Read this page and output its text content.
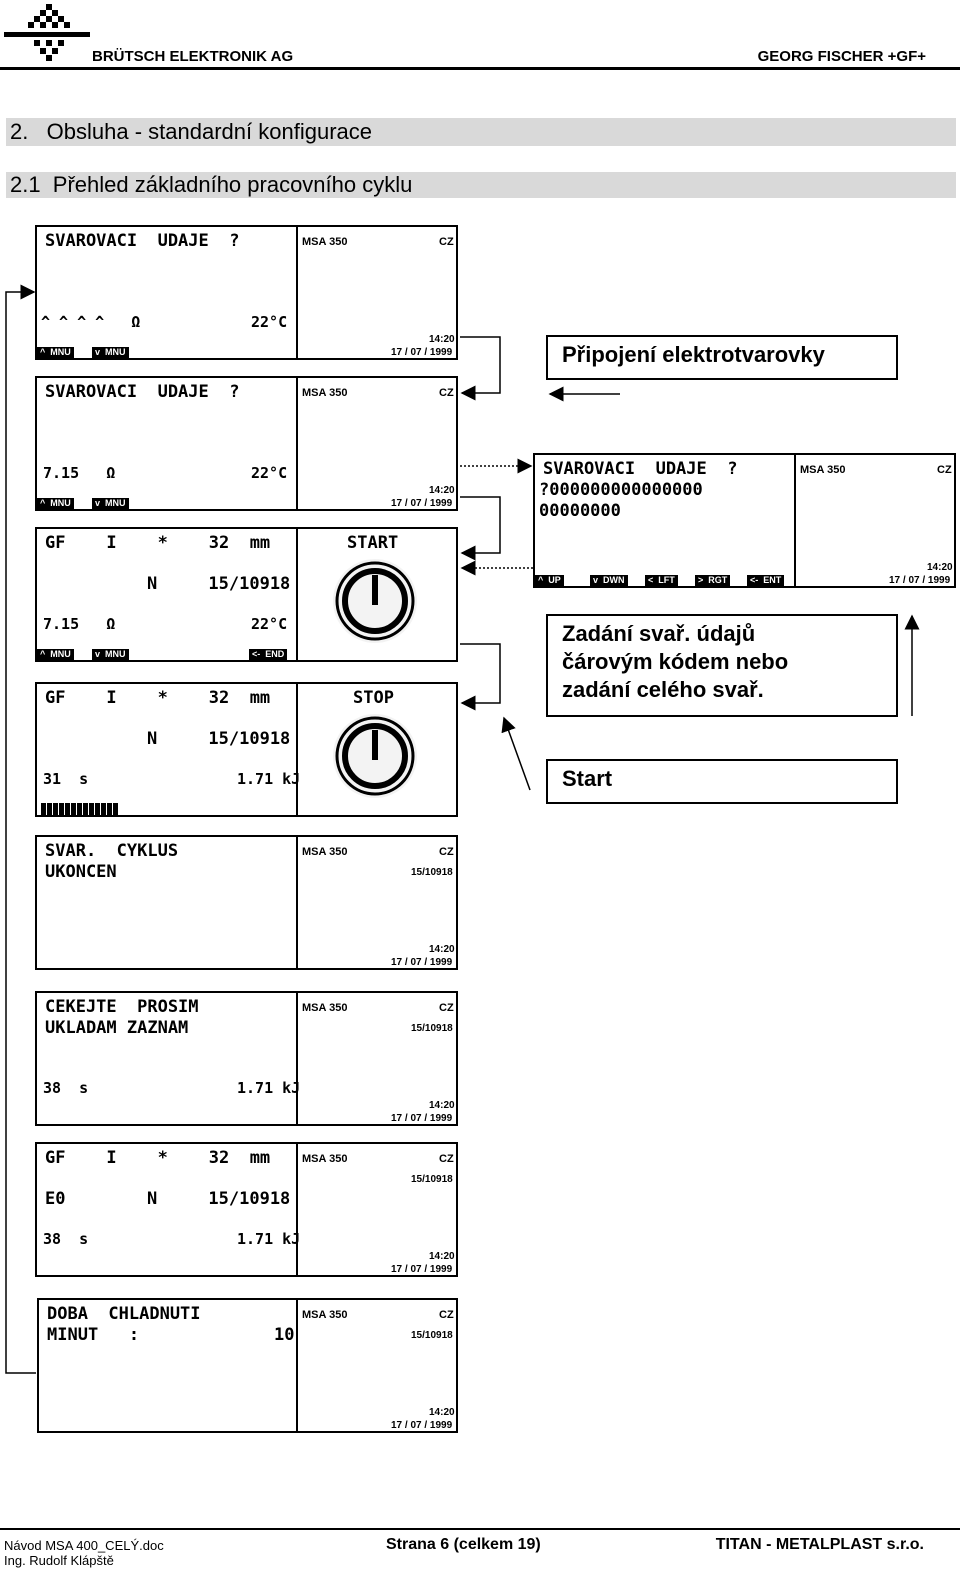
BRÜTSCH ELEKTRONIK AG	GEORG FISCHER +GF+
2.   Obsluha - standardní konfigurace
2.1  Přehled základního pracovního cyklu
SVAROVACI  UDAJE  ?
^ ^ ^ ^   Ω	22°C
^  MNU	v  MNU
MSA 350	CZ
14:20
17 / 07 / 1999
SVAROVACI  UDAJE  ?
7.15   Ω	22°C
^  MNU	v  MNU
MSA 350	CZ
14:20
17 / 07 / 1999
GF    I    *    32  mm
N     15/10918
7.15   Ω	22°C
^  MNU	v  MNU	<-  END
START
GF    I    *    32  mm
N     15/10918
31  s	1.71 kJ
STOP
SVAR.  CYKLUS
UKONCEN
MSA 350	CZ
15/10918
14:20
17 / 07 / 1999
CEKEJTE  PROSIM
UKLADAM ZAZNAM
38  s	1.71 kJ
MSA 350	CZ
15/10918
14:20
17 / 07 / 1999
GF    I    *    32  mm
E0	N     15/10918
38  s	1.71 kJ
MSA 350	CZ
15/10918
14:20
17 / 07 / 1999
DOBA  CHLADNUTI
MINUT   :	10
MSA 350	CZ
15/10918
14:20
17 / 07 / 1999
SVAROVACI  UDAJE  ?
?000000000000000
00000000
^  UP	v  DWN	<  LFT	>  RGT	<-  ENT
MSA 350	CZ
14:20
17 / 07 / 1999
Připojení elektrotvarovky
Zadání svař. údajů
čárovým kódem nebo
zadání celého svař.
Start
Návod MSA 400_CELÝ.doc
Ing. Rudolf Klápště
Strana 6 (celkem 19)	TITAN - METALPLAST s.r.o.
